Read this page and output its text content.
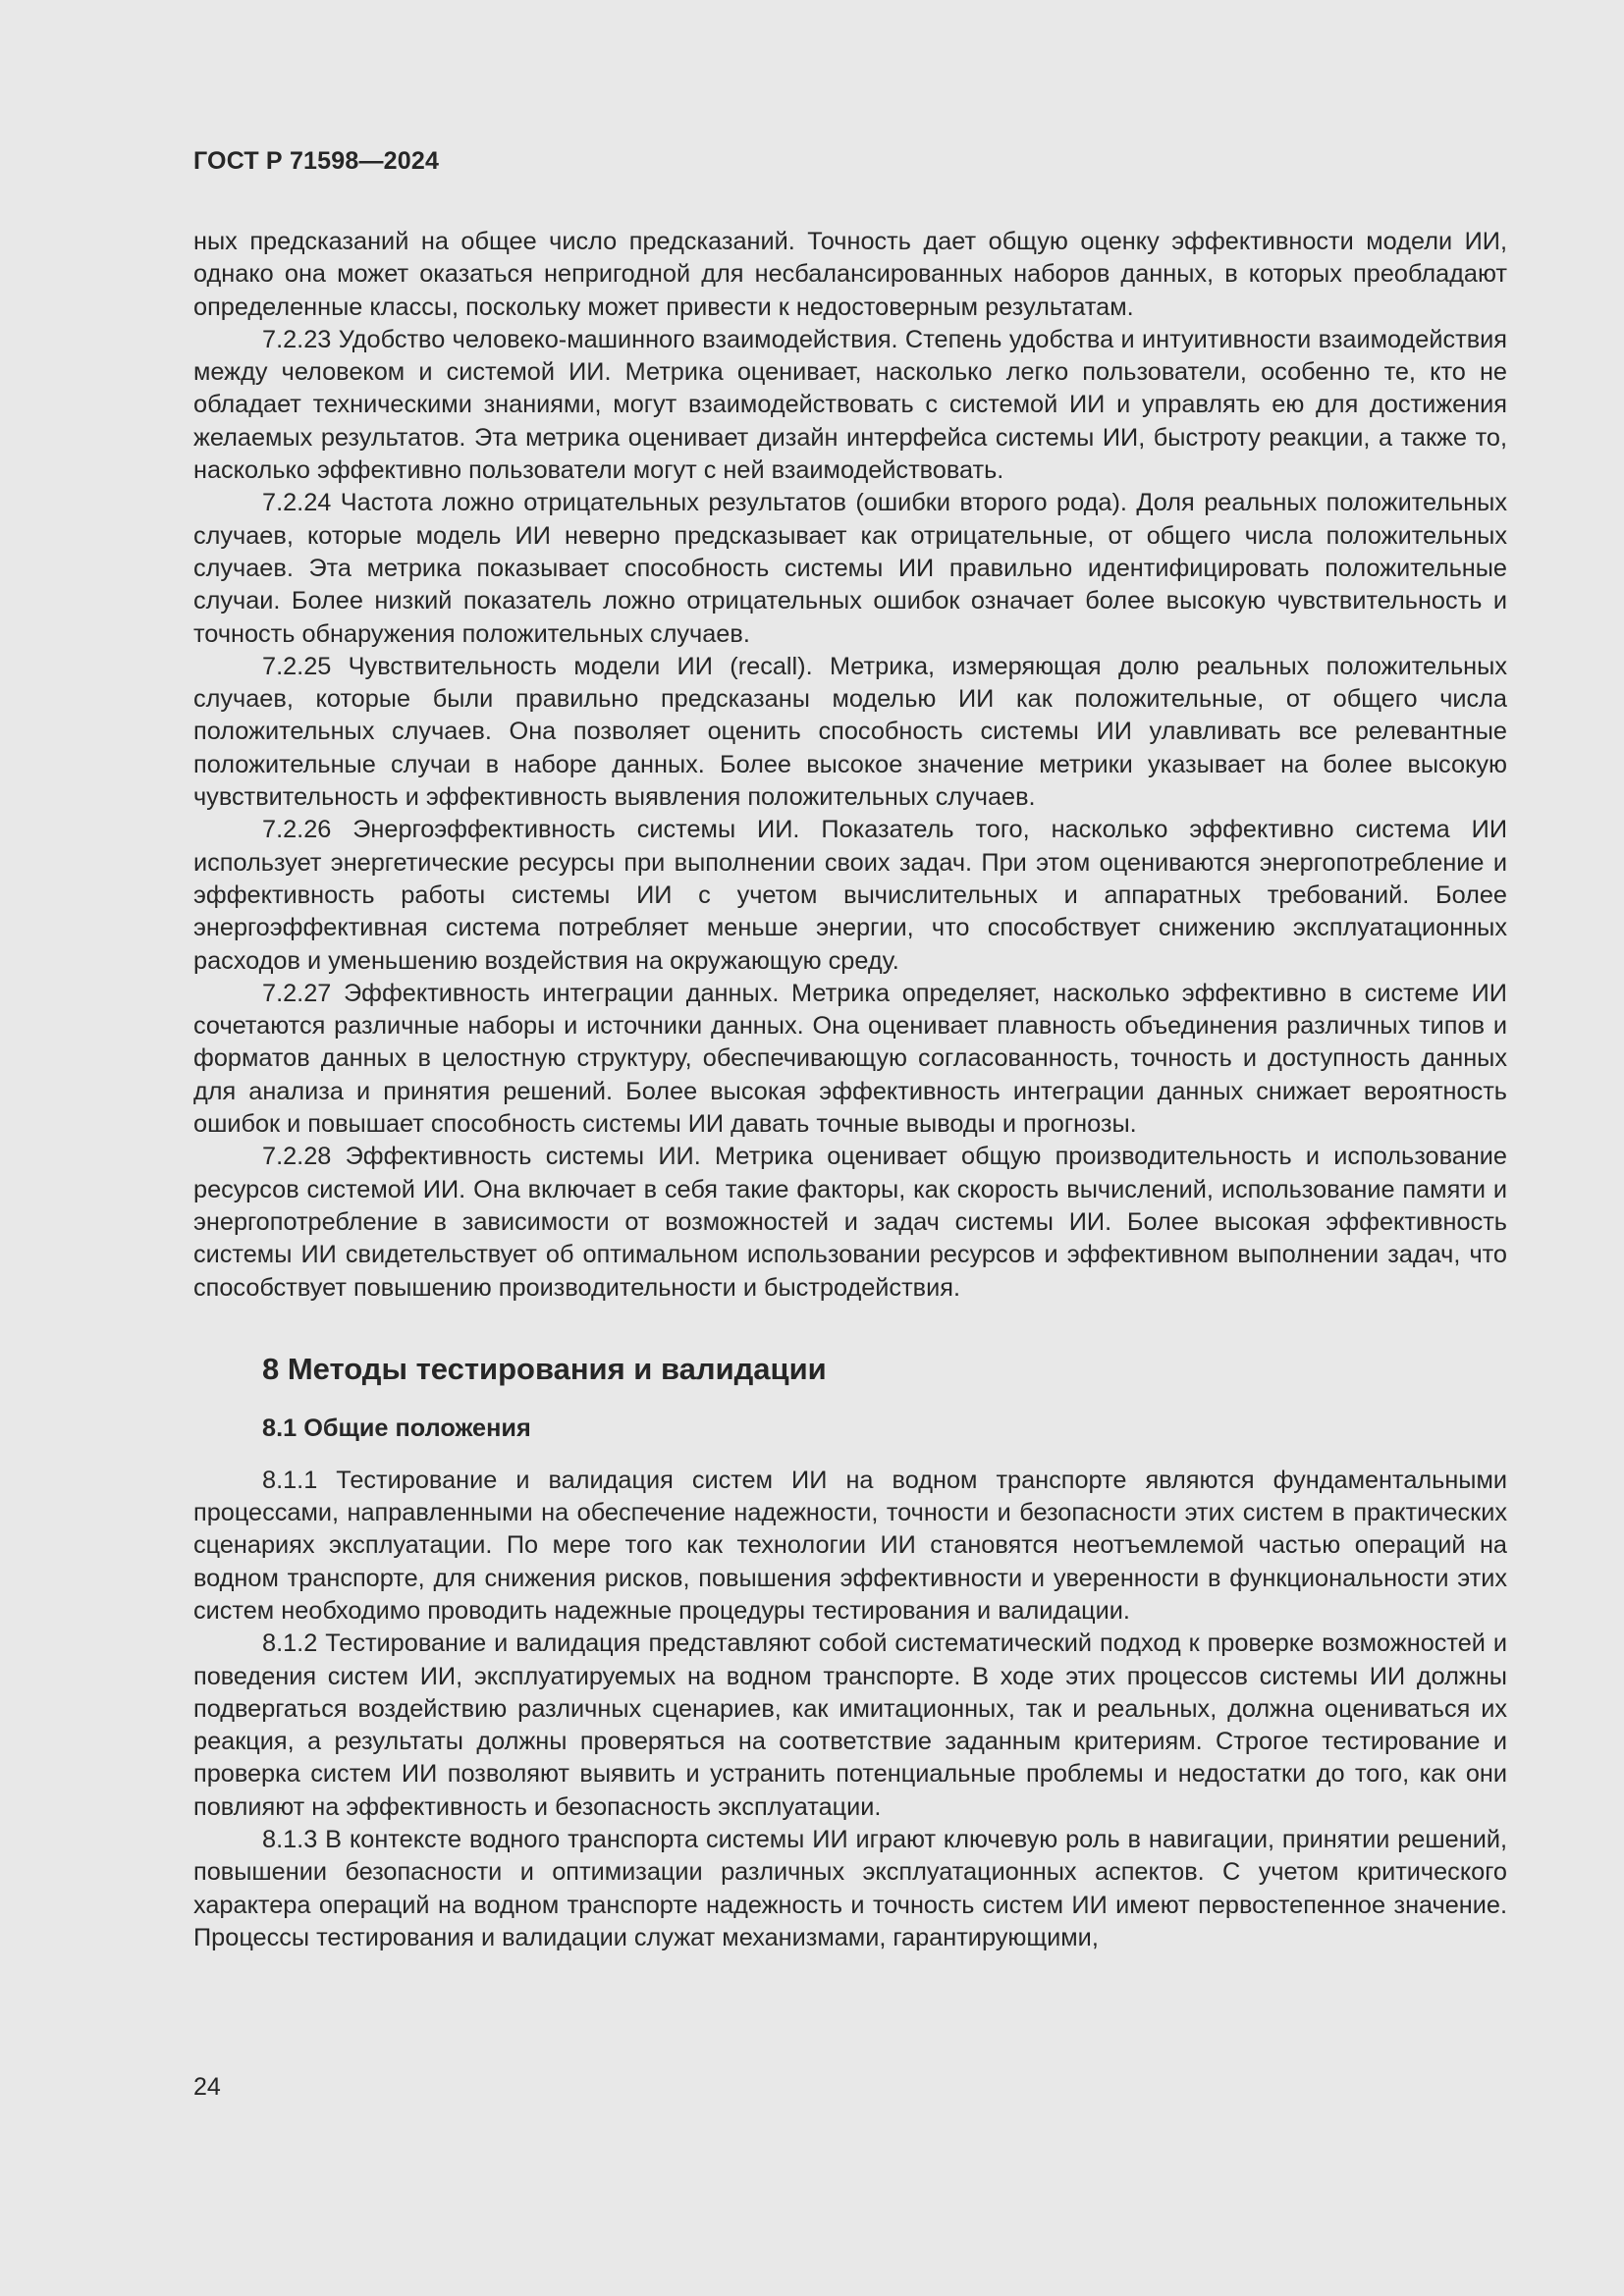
ГОСТ Р 71598—2024

ных предсказаний на общее число предсказаний. Точность дает общую оценку эффективности модели ИИ, однако она может оказаться непригодной для несбалансированных наборов данных, в которых преобладают определенные классы, поскольку может привести к недостоверным результатам.

7.2.23 Удобство человеко-машинного взаимодействия. Степень удобства и интуитивности взаимодействия между человеком и системой ИИ. Метрика оценивает, насколько легко пользователи, особенно те, кто не обладает техническими знаниями, могут взаимодействовать с системой ИИ и управлять ею для достижения желаемых результатов. Эта метрика оценивает дизайн интерфейса системы ИИ, быстроту реакции, а также то, насколько эффективно пользователи могут с ней взаимодействовать.

7.2.24 Частота ложно отрицательных результатов (ошибки второго рода). Доля реальных положительных случаев, которые модель ИИ неверно предсказывает как отрицательные, от общего числа положительных случаев. Эта метрика показывает способность системы ИИ правильно идентифицировать положительные случаи. Более низкий показатель ложно отрицательных ошибок означает более высокую чувствительность и точность обнаружения положительных случаев.

7.2.25 Чувствительность модели ИИ (recall). Метрика, измеряющая долю реальных положительных случаев, которые были правильно предсказаны моделью ИИ как положительные, от общего числа положительных случаев. Она позволяет оценить способность системы ИИ улавливать все релевантные положительные случаи в наборе данных. Более высокое значение метрики указывает на более высокую чувствительность и эффективность выявления положительных случаев.

7.2.26 Энергоэффективность системы ИИ. Показатель того, насколько эффективно система ИИ использует энергетические ресурсы при выполнении своих задач. При этом оцениваются энергопотребление и эффективность работы системы ИИ с учетом вычислительных и аппаратных требований. Более энергоэффективная система потребляет меньше энергии, что способствует снижению эксплуатационных расходов и уменьшению воздействия на окружающую среду.

7.2.27 Эффективность интеграции данных. Метрика определяет, насколько эффективно в системе ИИ сочетаются различные наборы и источники данных. Она оценивает плавность объединения различных типов и форматов данных в целостную структуру, обеспечивающую согласованность, точность и доступность данных для анализа и принятия решений. Более высокая эффективность интеграции данных снижает вероятность ошибок и повышает способность системы ИИ давать точные выводы и прогнозы.

7.2.28 Эффективность системы ИИ. Метрика оценивает общую производительность и использование ресурсов системой ИИ. Она включает в себя такие факторы, как скорость вычислений, использование памяти и энергопотребление в зависимости от возможностей и задач системы ИИ. Более высокая эффективность системы ИИ свидетельствует об оптимальном использовании ресурсов и эффективном выполнении задач, что способствует повышению производительности и быстродействия.

8 Методы тестирования и валидации
8.1 Общие положения

8.1.1 Тестирование и валидация систем ИИ на водном транспорте являются фундаментальными процессами, направленными на обеспечение надежности, точности и безопасности этих систем в практических сценариях эксплуатации. По мере того как технологии ИИ становятся неотъемлемой частью операций на водном транспорте, для снижения рисков, повышения эффективности и уверенности в функциональности этих систем необходимо проводить надежные процедуры тестирования и валидации.

8.1.2 Тестирование и валидация представляют собой систематический подход к проверке возможностей и поведения систем ИИ, эксплуатируемых на водном транспорте. В ходе этих процессов системы ИИ должны подвергаться воздействию различных сценариев, как имитационных, так и реальных, должна оцениваться их реакция, а результаты должны проверяться на соответствие заданным критериям. Строгое тестирование и проверка систем ИИ позволяют выявить и устранить потенциальные проблемы и недостатки до того, как они повлияют на эффективность и безопасность эксплуатации.

8.1.3 В контексте водного транспорта системы ИИ играют ключевую роль в навигации, принятии решений, повышении безопасности и оптимизации различных эксплуатационных аспектов. С учетом критического характера операций на водном транспорте надежность и точность систем ИИ имеют первостепенное значение. Процессы тестирования и валидации служат механизмами, гарантирующими,

24
